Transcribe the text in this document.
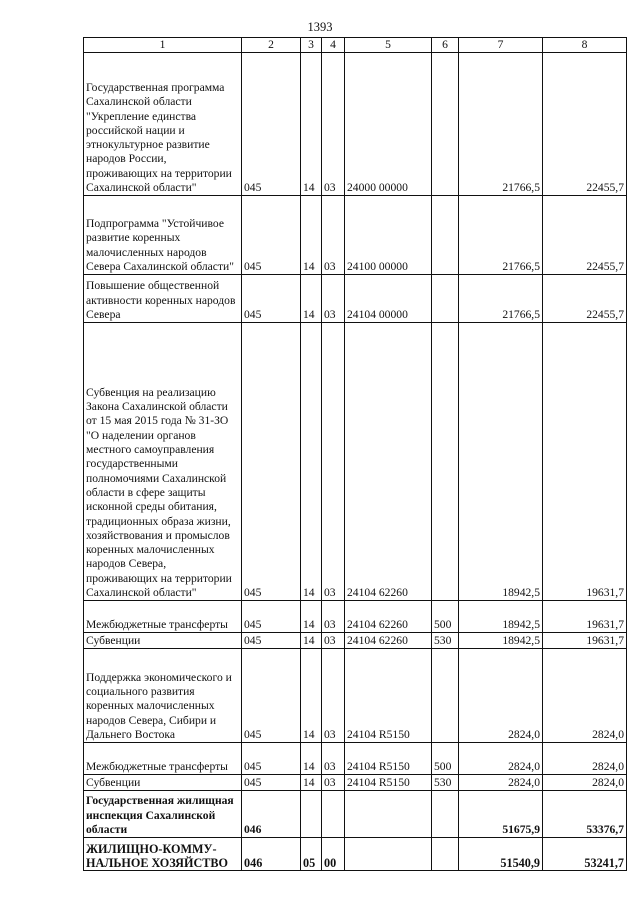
1393
1	2	3	4	5	6	7	8
Государственная программа Сахалинской области "Укрепление единства российской нации и этнокультурное развитие народов России, проживающих на территории Сахалинской области"	045	14	03	24000 00000		21766,5	22455,7
Подпрограмма "Устойчивое развитие коренных малочисленных народов Севера Сахалинской области"	045	14	03	24100 00000		21766,5	22455,7
Повышение общественной активности коренных народов Севера	045	14	03	24104 00000		21766,5	22455,7
Субвенция на реализацию Закона Сахалинской области от 15 мая 2015 года № 31-ЗО "О наделении органов местного самоуправления государственными полномочиями Сахалинской области в сфере защиты исконной среды обитания, традиционных образа жизни, хозяйствования и промыслов коренных малочисленных народов Севера, проживающих на территории Сахалинской области"	045	14	03	24104 62260		18942,5	19631,7
Межбюджетные трансферты	045	14	03	24104 62260	500	18942,5	19631,7
Субвенции	045	14	03	24104 62260	530	18942,5	19631,7
Поддержка экономического и социального развития коренных малочисленных народов Севера, Сибири и Дальнего Востока	045	14	03	24104 R5150		2824,0	2824,0
Межбюджетные трансферты	045	14	03	24104 R5150	500	2824,0	2824,0
Субвенции	045	14	03	24104 R5150	530	2824,0	2824,0
Государственная жилищная инспекция Сахалинской области	046					51675,9	53376,7
ЖИЛИЩНО-КОММУ-НАЛЬНОЕ ХОЗЯЙСТВО	046	05	00			51540,9	53241,7
